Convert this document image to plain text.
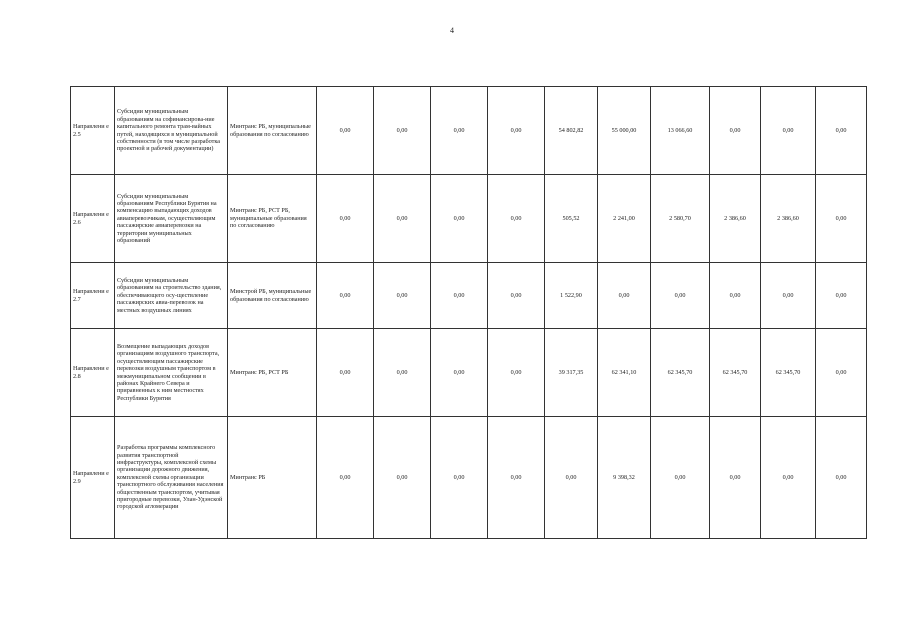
4
Направлени е 2.5	Субсидии муниципальным образованиям на софинансирова-ние капитального ремонта трам-вайных путей, находящихся в муниципальной собственности (в том числе разработка проектной и рабочей документации)	Минтранс РБ, муниципальные образования по согласованию	0,00	0,00	0,00	0,00	54 802,82	55 000,00	13 066,60	0,00	0,00	0,00
Направлени е 2.6	Субсидии муниципальным образованиям Республики Бурятия на компенсацию выпадающих доходов авиаперевозчикам, осуществляющим пассажирские авиаперевозки на территории муниципальных образований	Минтранс РБ, РСТ РБ, муниципальные образования по согласованию	0,00	0,00	0,00	0,00	505,52	2 241,00	2 580,70	2 386,60	2 386,60	0,00
Направлени е 2.7	Субсидии муниципальным образованиям на строительство здания, обеспечивающего осу-ществление пассажирских авиа-перевозок на местных воздушных линиях	Минстрой РБ, муниципальные образования по согласованию	0,00	0,00	0,00	0,00	1 522,90	0,00	0,00	0,00	0,00	0,00
Направлени е 2.8	Возмещение выпадающих доходов организациям воздушного транспорта, осуществляющим пассажирские перевозки воздушным транспортом в межмуниципальном сообщении в районах Крайнего Севера и приравненных к ним местностях Республики Бурятия	Минтранс РБ, РСТ РБ	0,00	0,00	0,00	0,00	39 317,35	62 341,10	62 345,70	62 345,70	62 345,70	0,00
Направлени е 2.9	Разработка программы комплексного развития транспортной инфраструктуры, комплексной схемы организации дорожного движения, комплексной схемы организации транспортного обслуживания населения общественным транспортом, учитывая пригородные перевозки, Улан-Удэнской городской агломерации	Минтранс РБ	0,00	0,00	0,00	0,00	0,00	9 398,32	0,00	0,00	0,00	0,00
